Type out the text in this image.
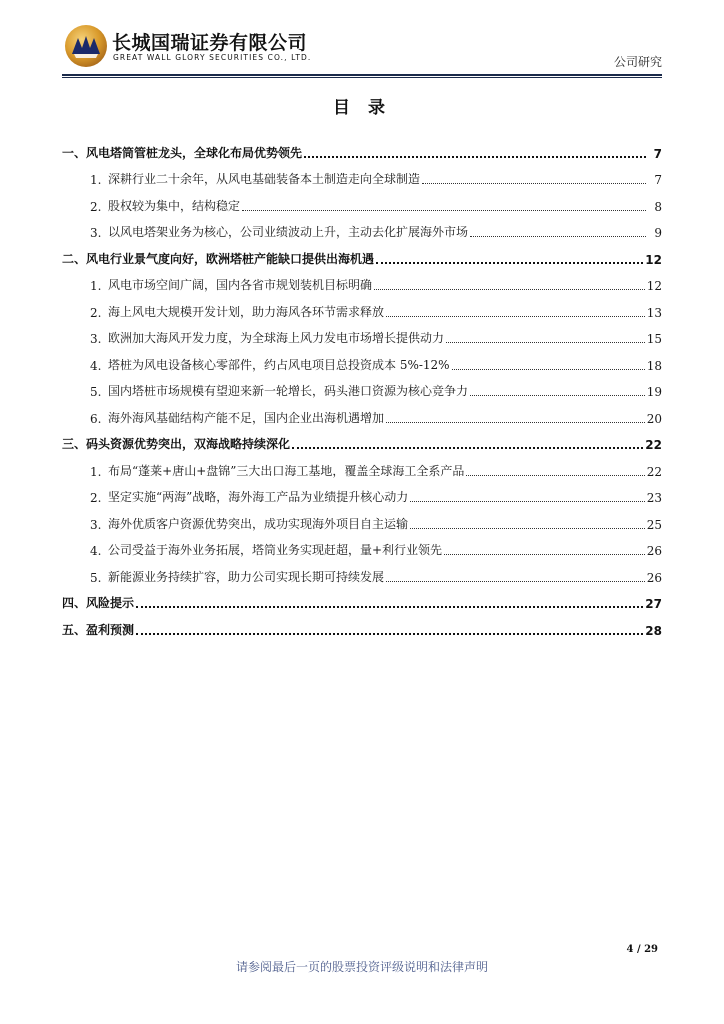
长城国瑞证券有限公司
GREAT WALL GLORY SECURITIES CO., LTD.	公司研究
目 录
一、 风电塔筒管桩龙头，全球化布局优势领先	7
1. 深耕行业二十余年，从风电基础装备本土制造走向全球制造	7
2. 股权较为集中，结构稳定	8
3. 以风电塔架业务为核心，公司业绩波动上升，主动去化扩展海外市场	9
二、 风电行业景气度向好，欧洲塔桩产能缺口提供出海机遇	12
1. 风电市场空间广阔，国内各省市规划装机目标明确	12
2. 海上风电大规模开发计划，助力海风各环节需求释放	13
3. 欧洲加大海风开发力度，为全球海上风力发电市场增长提供动力	15
4. 塔桩为风电设备核心零部件，约占风电项目总投资成本 5%-12%	18
5. 国内塔桩市场规模有望迎来新一轮增长，码头港口资源为核心竞争力	19
6. 海外海风基础结构产能不足，国内企业出海机遇增加	20
三、 码头资源优势突出，双海战略持续深化	22
1. 布局“蓬莱+唐山+盘锦”三大出口海工基地，覆盖全球海工全系产品	22
2. 坚定实施“两海”战略，海外海工产品为业绩提升核心动力	23
3. 海外优质客户资源优势突出，成功实现海外项目自主运输	25
4. 公司受益于海外业务拓展，塔筒业务实现赶超，量+利行业领先	26
5. 新能源业务持续扩容，助力公司实现长期可持续发展	26
四、 风险提示	27
五、 盈利预测	28
4 / 29
请参阅最后一页的股票投资评级说明和法律声明
